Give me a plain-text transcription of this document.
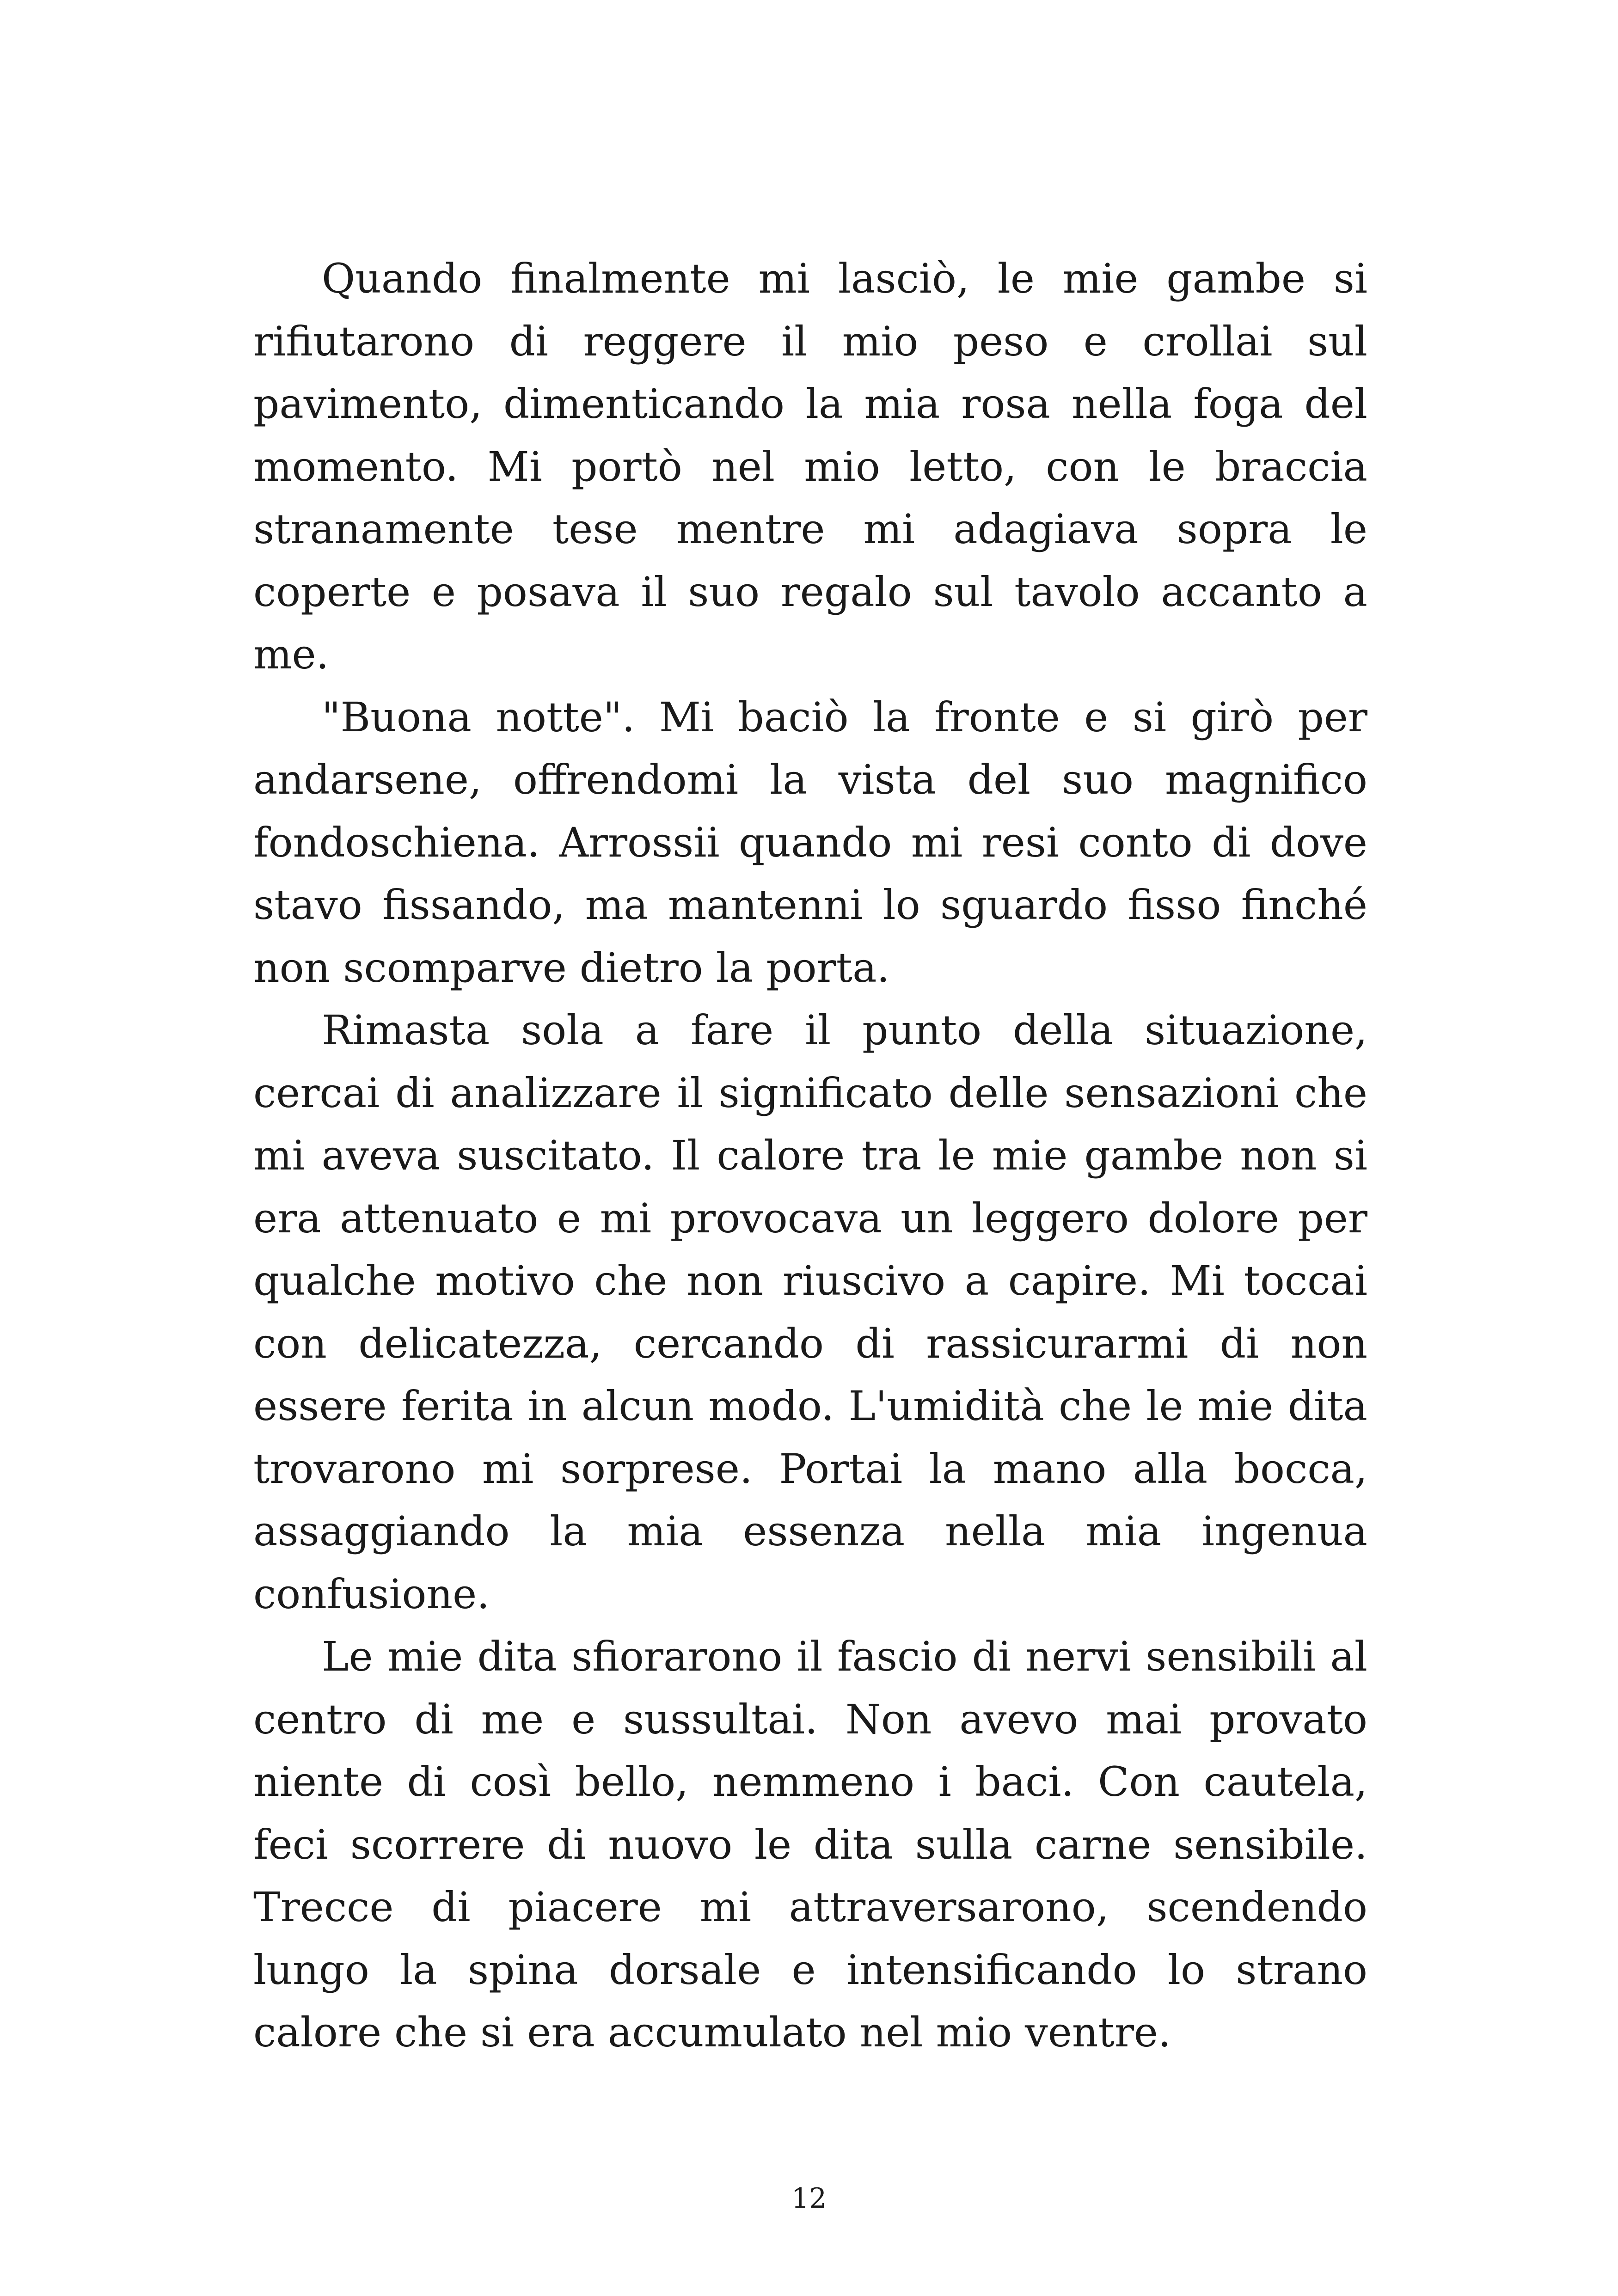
Quando finalmente mi lasciò, le mie gambe si rifiutarono di reggere il mio peso e crollai sul pavimento, dimenticando la mia rosa nella foga del momento. Mi portò nel mio letto, con le braccia stranamente tese mentre mi adagiava sopra le coperte e posava il suo regalo sul tavolo accanto a me.

"Buona notte". Mi baciò la fronte e si girò per andarsene, offrendomi la vista del suo magnifico fondoschiena. Arrossii quando mi resi conto di dove stavo fissando, ma mantenni lo sguardo fisso finché non scomparve dietro la porta.

Rimasta sola a fare il punto della situazione, cercai di analizzare il significato delle sensazioni che mi aveva suscitato. Il calore tra le mie gambe non si era attenuato e mi provocava un leggero dolore per qualche motivo che non riuscivo a capire. Mi toccai con delicatezza, cercando di rassicurarmi di non essere ferita in alcun modo. L'umidità che le mie dita trovarono mi sorprese. Portai la mano alla bocca, assaggiando la mia essenza nella mia ingenua confusione.

Le mie dita sfiorarono il fascio di nervi sensibili al centro di me e sussultai. Non avevo mai provato niente di così bello, nemmeno i baci. Con cautela, feci scorrere di nuovo le dita sulla carne sensibile. Trecce di piacere mi attraversarono, scendendo lungo la spina dorsale e intensificando lo strano calore che si era accumulato nel mio ventre.

12
